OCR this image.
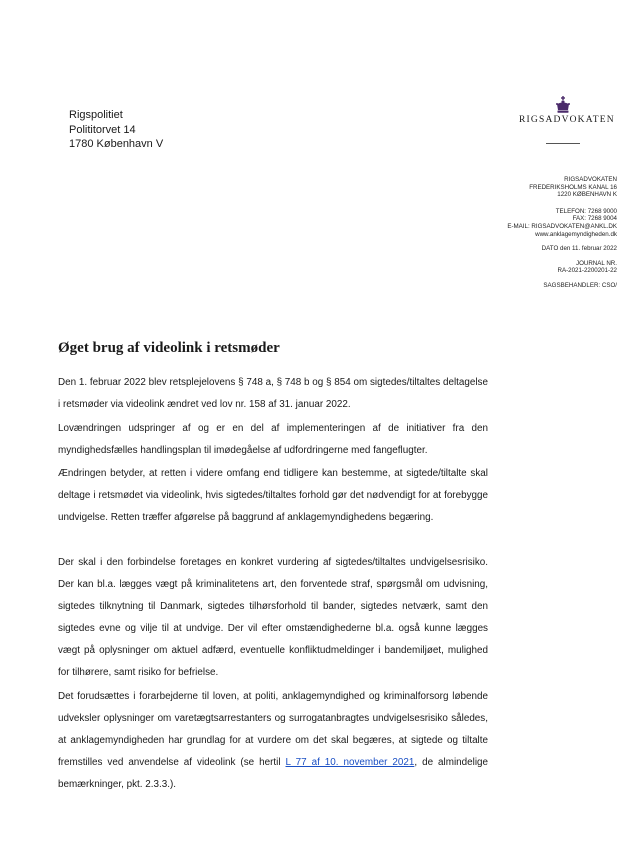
Rigspolitiet
Polititorvet 14
1780 København V
RIGSADVOKATEN
RIGSADVOKATEN
FREDERIKSHOLMS KANAL 16
1220 KØBENHAVN K
TELEFON: 7268 9000
FAX: 7268 9004
E-MAIL: RIGSADVOKATEN@ANKL.DK
www.anklagemyndigheden.dk
DATO den 11. februar 2022
JOURNAL NR.
RA-2021-2200201-22
SAGSBEHANDLER: CSO/
Øget brug af videolink i retsmøder

Den 1. februar 2022 blev retsplejelovens § 748 a, § 748 b og § 854 om sigtedes/tiltaltes deltagelse i retsmøder via videolink ændret ved lov nr. 158 af 31. januar 2022.

Lovændringen udspringer af og er en del af implementeringen af de initiativer fra den myndighedsfælles handlingsplan til imødegåelse af udfordringerne med fangeflugter.

Ændringen betyder, at retten i videre omfang end tidligere kan bestemme, at sigtede/tiltalte skal deltage i retsmødet via videolink, hvis sigtedes/tiltaltes forhold gør det nødvendigt for at forebygge undvigelse. Retten træffer afgørelse på baggrund af anklagemyndighedens begæring.

Der skal i den forbindelse foretages en konkret vurdering af sigtedes/tiltaltes undvigelsesrisiko. Der kan bl.a. lægges vægt på kriminalitetens art, den forventede straf, spørgsmål om udvisning, sigtedes tilknytning til Danmark, sigtedes tilhørsforhold til bander, sigtedes netværk, samt den sigtedes evne og vilje til at undvige. Der vil efter omstændighederne bl.a. også kunne lægges vægt på oplysninger om aktuel adfærd, eventuelle konfliktudmeldinger i bandemiljøet, mulighed for tilhørere, samt risiko for befrielse.

Det forudsættes i forarbejderne til loven, at politi, anklagemyndighed og kriminalforsorg løbende udveksler oplysninger om varetægtsarrestanters og surrogatanbragtes undvigelsesrisiko således, at anklagemyndigheden har grundlag for at vurdere om det skal begæres, at sigtede og tiltalte fremstilles ved anvendelse af videolink (se hertil L 77 af 10. november 2021, de almindelige bemærkninger, pkt. 2.3.3.).
